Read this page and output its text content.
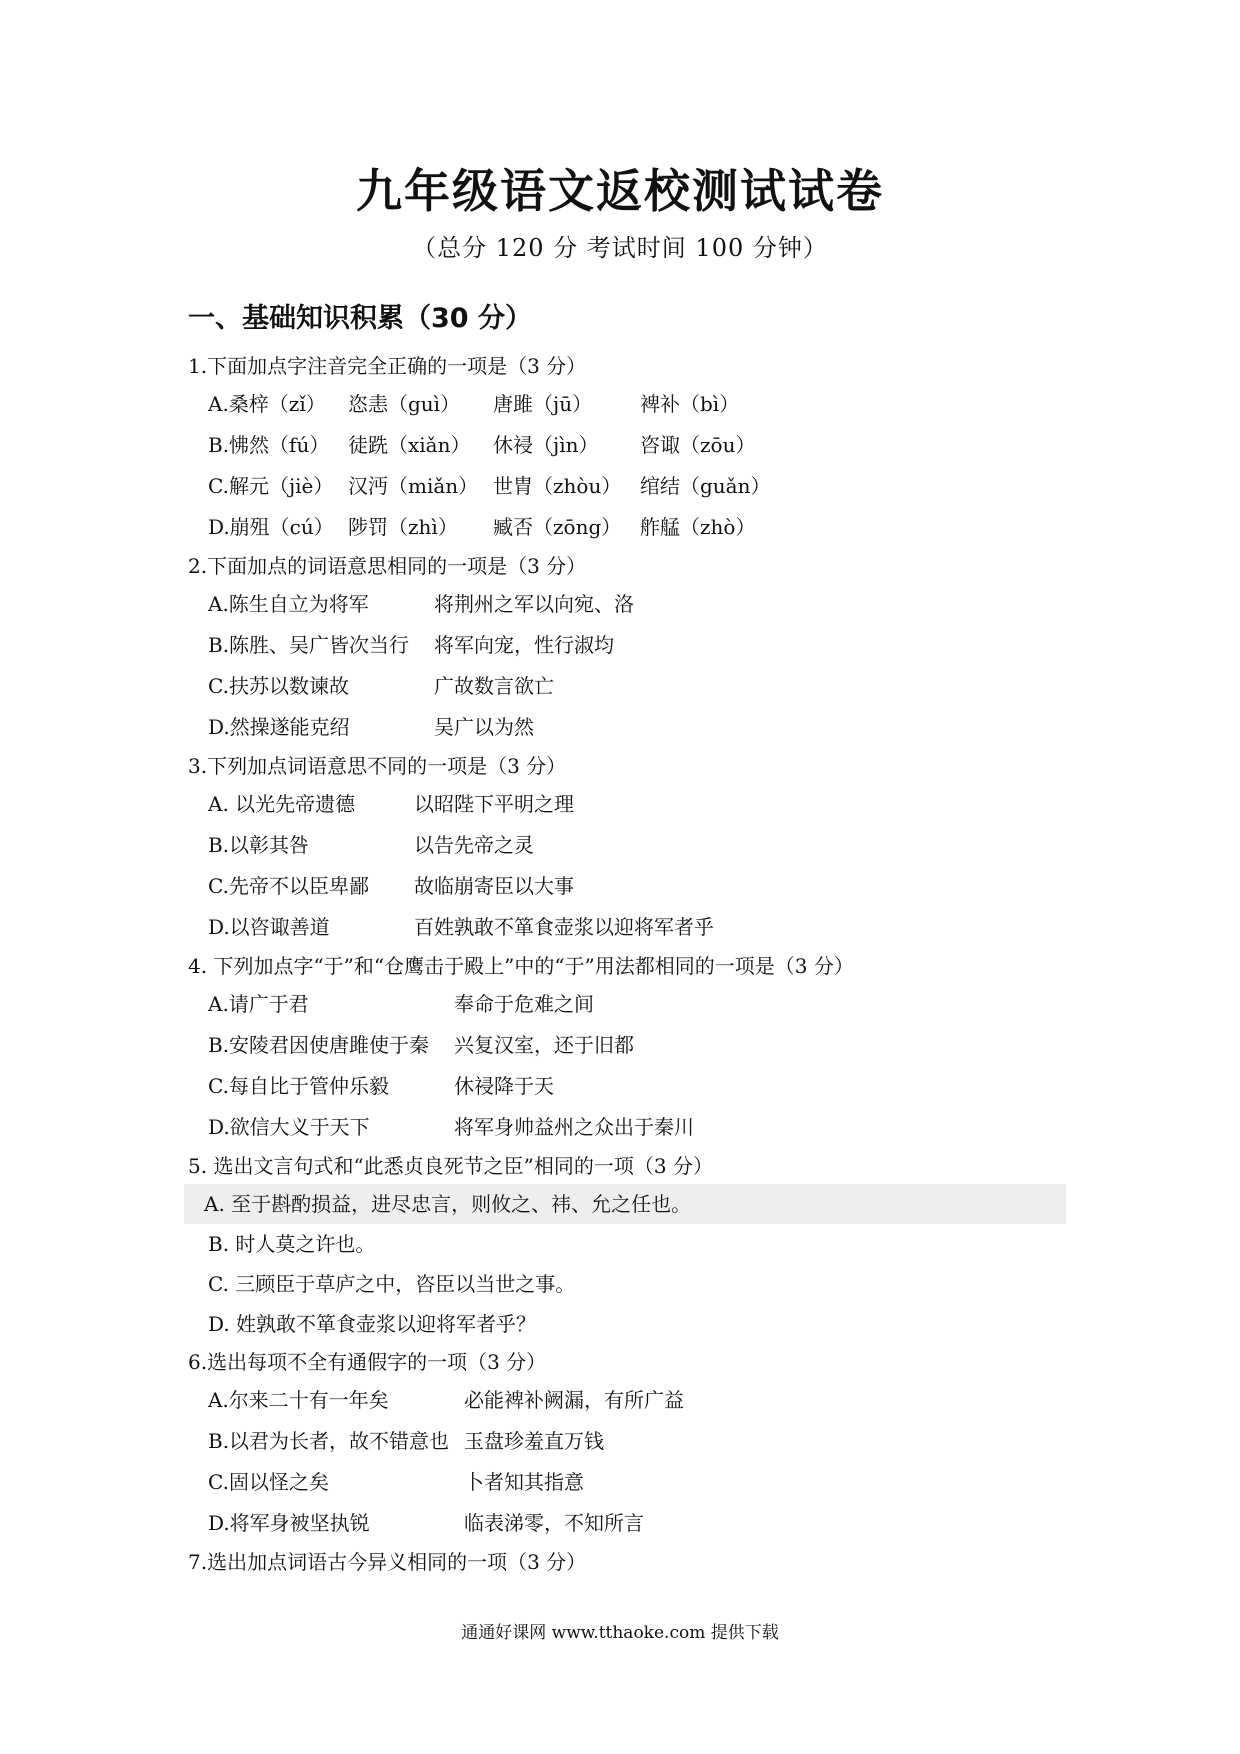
九年级语文返校测试试卷
（总分 120 分 考试时间 100 分钟）
一、基础知识积累（30 分）
1.下面加点字注音完全正确的一项是（3 分）
A.桑梓（zǐ） 恣恚（guì） 唐雎（jū） 裨补（bì）
B.怫然（fú） 徒跣（xiǎn） 休祲（jìn） 咨诹（zōu）
C.解元（jiè） 汉沔（miǎn） 世胄（zhòu） 绾结（guǎn）
D.崩殂（cú） 陟罚（zhì） 臧否（zōng） 舴艋（zhò）
2.下面加点的词语意思相同的一项是（3 分）
A.陈生自立为将军	将荆州之军以向宛、洛
B.陈胜、吴广皆次当行 将军向宠，性行淑均
C.扶苏以数谏故	广故数言欲亡
D.然操遂能克绍	吴广以为然
3.下列加点词语意思不同的一项是（3 分）
A. 以光先帝遗德	以昭陛下平明之理
B.以彰其咎	以告先帝之灵
C.先帝不以臣卑鄙 故临崩寄臣以大事
D.以咨诹善道	百姓孰敢不箪食壶浆以迎将军者乎
4. 下列加点字“于”和“仓鹰击于殿上”中的“于”用法都相同的一项是（3 分）
A.请广于君	奉命于危难之间
B.安陵君因使唐雎使于秦 兴复汉室，还于旧都
C.每自比于管仲乐毅	休祲降于天
D.欲信大义于天下	将军身帅益州之众出于秦川
5. 选出文言句式和“此悉贞良死节之臣”相同的一项（3 分）
A. 至于斟酌损益，进尽忠言，则攸之、祎、允之任也。
B. 时人莫之许也。
C. 三顾臣于草庐之中，咨臣以当世之事。
D. 姓孰敢不箪食壶浆以迎将军者乎？
6.选出每项不全有通假字的一项（3 分）
A.尔来二十有一年矣	必能裨补阙漏，有所广益
B.以君为长者，故不错意也 玉盘珍羞直万钱
C.固以怪之矣	卜者知其指意
D.将军身被坚执锐	临表涕零，不知所言
7.选出加点词语古今异义相同的一项（3 分）
通通好课网 www.tthaoke.com 提供下载
